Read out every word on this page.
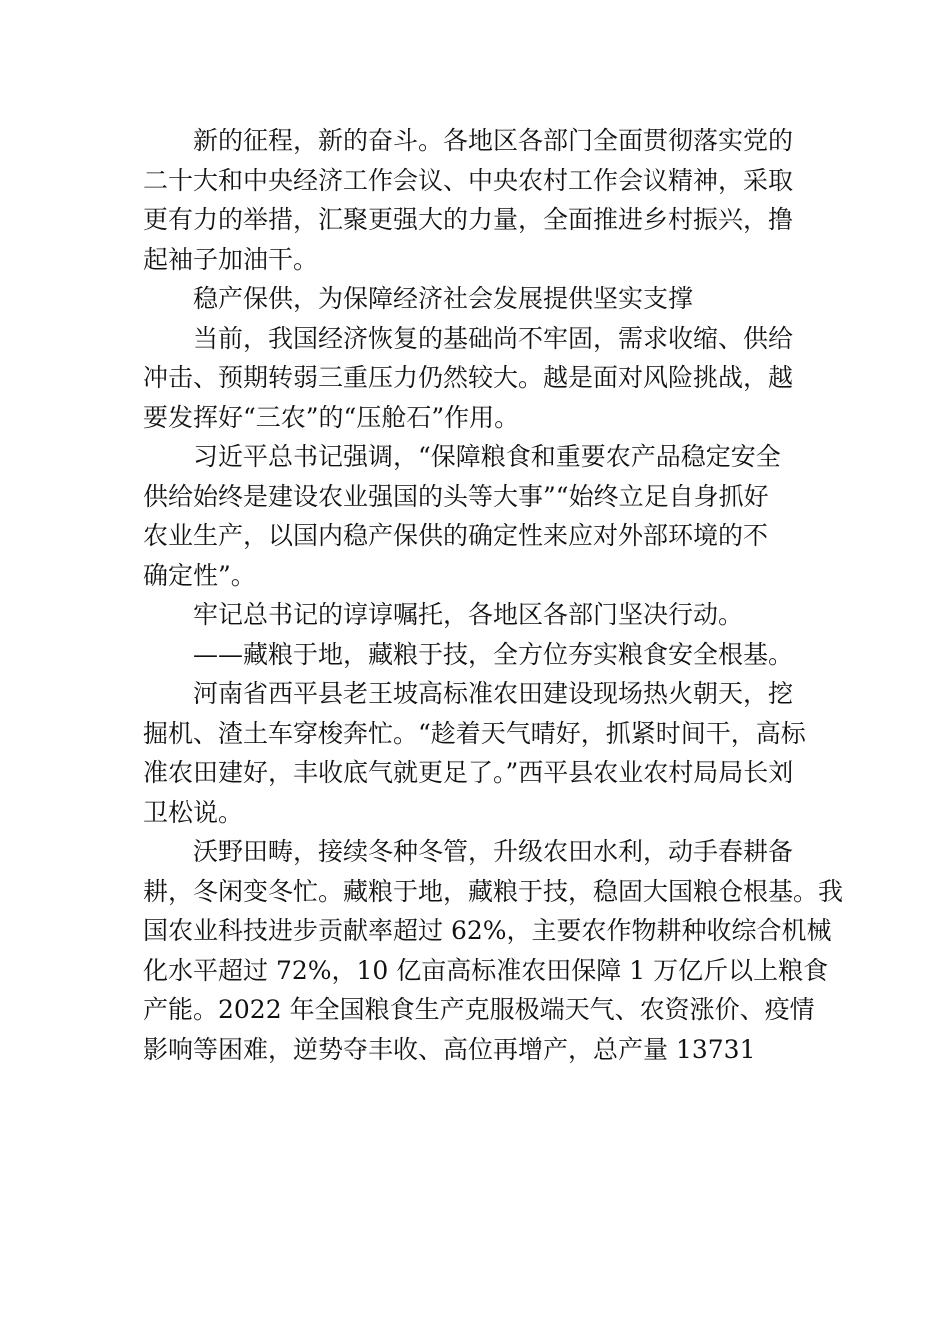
　　新的征程，新的奋斗。各地区各部门全面贯彻落实党的
二十大和中央经济工作会议、中央农村工作会议精神，采取
更有力的举措，汇聚更强大的力量，全面推进乡村振兴，撸
起袖子加油干。
　　稳产保供，为保障经济社会发展提供坚实支撑
　　当前，我国经济恢复的基础尚不牢固，需求收缩、供给
冲击、预期转弱三重压力仍然较大。越是面对风险挑战，越
要发挥好“三农”的“压舱石”作用。
　　习近平总书记强调，“保障粮食和重要农产品稳定安全
供给始终是建设农业强国的头等大事”“始终立足自身抓好
农业生产，以国内稳产保供的确定性来应对外部环境的不
确定性”。
　　牢记总书记的谆谆嘱托，各地区各部门坚决行动。
　　——藏粮于地，藏粮于技，全方位夯实粮食安全根基。
　　河南省西平县老王坡高标准农田建设现场热火朝天，挖
掘机、渣土车穿梭奔忙。“趁着天气晴好，抓紧时间干，高标
准农田建好，丰收底气就更足了。”西平县农业农村局局长刘
卫松说。
　　沃野田畴，接续冬种冬管，升级农田水利，动手春耕备
耕，冬闲变冬忙。藏粮于地，藏粮于技，稳固大国粮仓根基。我
国农业科技进步贡献率超过 62%，主要农作物耕种收综合机械
化水平超过 72%，10 亿亩高标准农田保障 1 万亿斤以上粮食
产能。2022 年全国粮食生产克服极端天气、农资涨价、疫情
影响等困难，逆势夺丰收、高位再增产，总产量 13731
